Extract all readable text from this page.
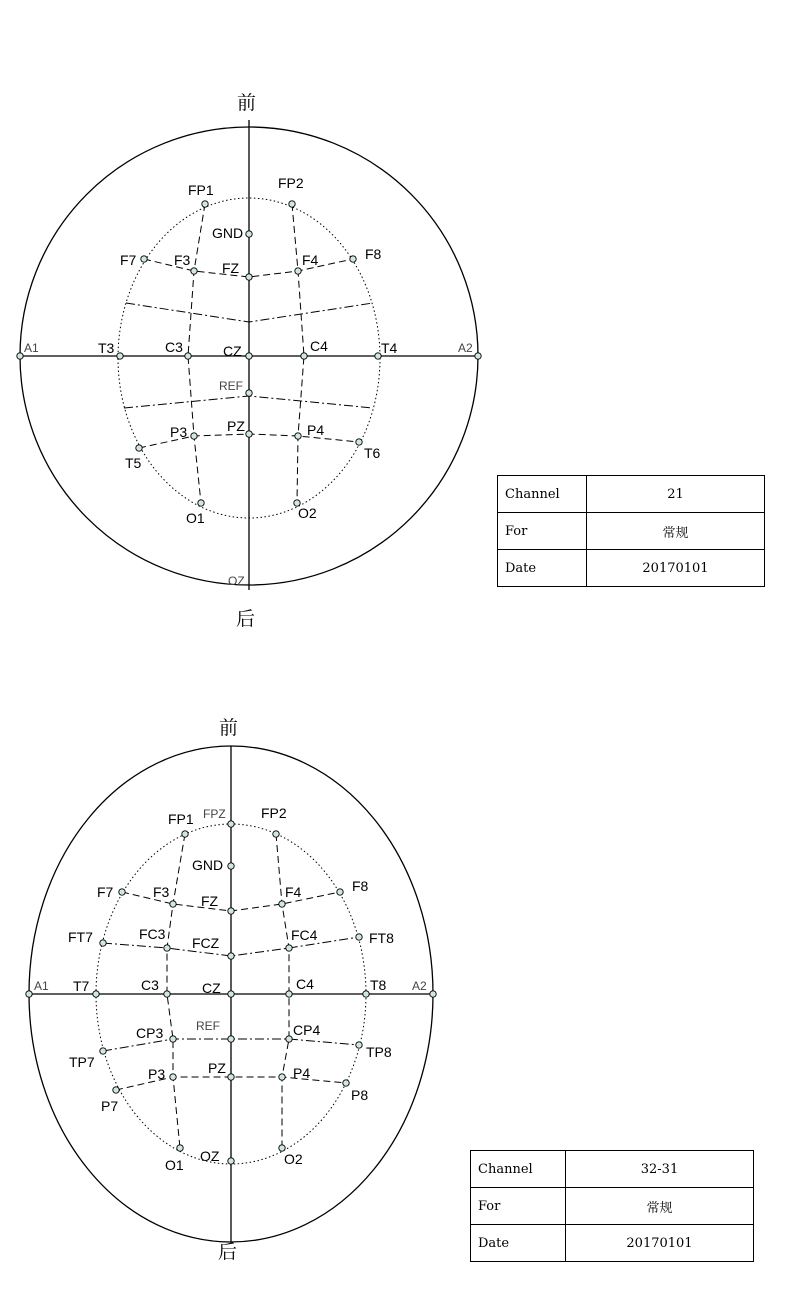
前
后
FP1	FP2
GND
F7	F3 FZ	F4	F8
A1	T3	C3	CZ	C4	T4	A2
REF
P3	PZ	P4
T5
T6
O1	O2
OZ
前
后
FP1 FPZ	FP2
GND
F7	F3
FZ
F4	F8
FT7	FC3
FCZ	FC4	FT8
A1 T7	C3	CZ	C4	T8 A2
CP3	REF	CP4
TP7
TP8
P3	PZ	P4
P7
P8
O1
OZ	O2
Channel	21
For	常规
Date	20170101
Channel	32-31
For	常规
Date	20170101
